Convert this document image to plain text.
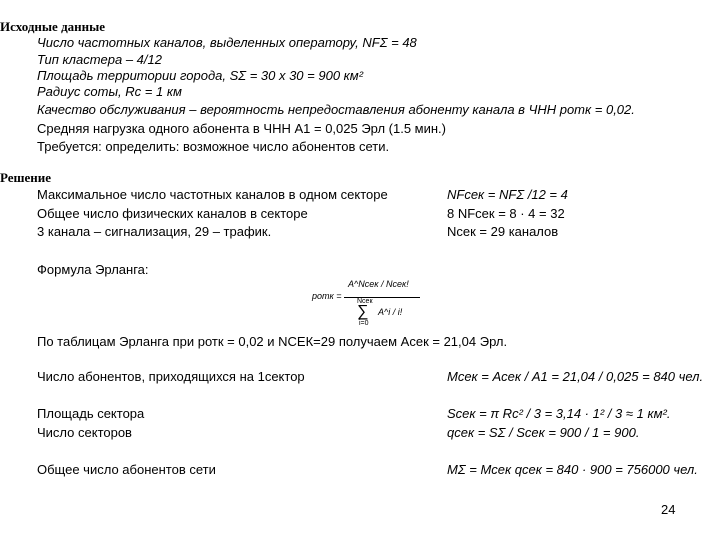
Исходные данные
Решение
Число частотных каналов, выделенных оператору, NFΣ = 48
Тип кластера – 4/12
Площадь территории города, SΣ = 30 х 30 = 900 км²
Радиус соты, Rc = 1 км
Качество обслуживания – вероятность непредоставления абоненту канала в ЧНН pотк = 0,02.
Средняя нагрузка одного абонента в ЧНН A1 = 0,025 Эрл (1.5 мин.)
Требуется: определить: возможное число абонентов сети.
Максимальное число частотных каналов в одном секторе
Общее число физических каналов в секторе
3 канала – сигнализация, 29 – трафик.
Формула Эрланга:
По таблицам Эрланга при pотк = 0,02 и NСЕК=29 получаем Aсек = 21,04 Эрл.
Число абонентов, приходящихся на 1сектор
Площадь сектора
Число секторов
Общее число абонентов сети
NFсек = NFΣ /12 = 4
8 NFсек = 8 · 4 = 32
Nсек = 29 каналов
Mсек = Aсек / A1 = 21,04 / 0,025 = 840 чел.
Sсек = π Rc² / 3 = 3,14 · 1² / 3 ≈ 1 км².
qсек = SΣ / Sсек = 900 / 1 = 900.
MΣ = Mсек qсек = 840 · 900 = 756000 чел.
pотк =
A^Nсек / Nсек!
Nсек
∑
i=0
A^i / i!
24
